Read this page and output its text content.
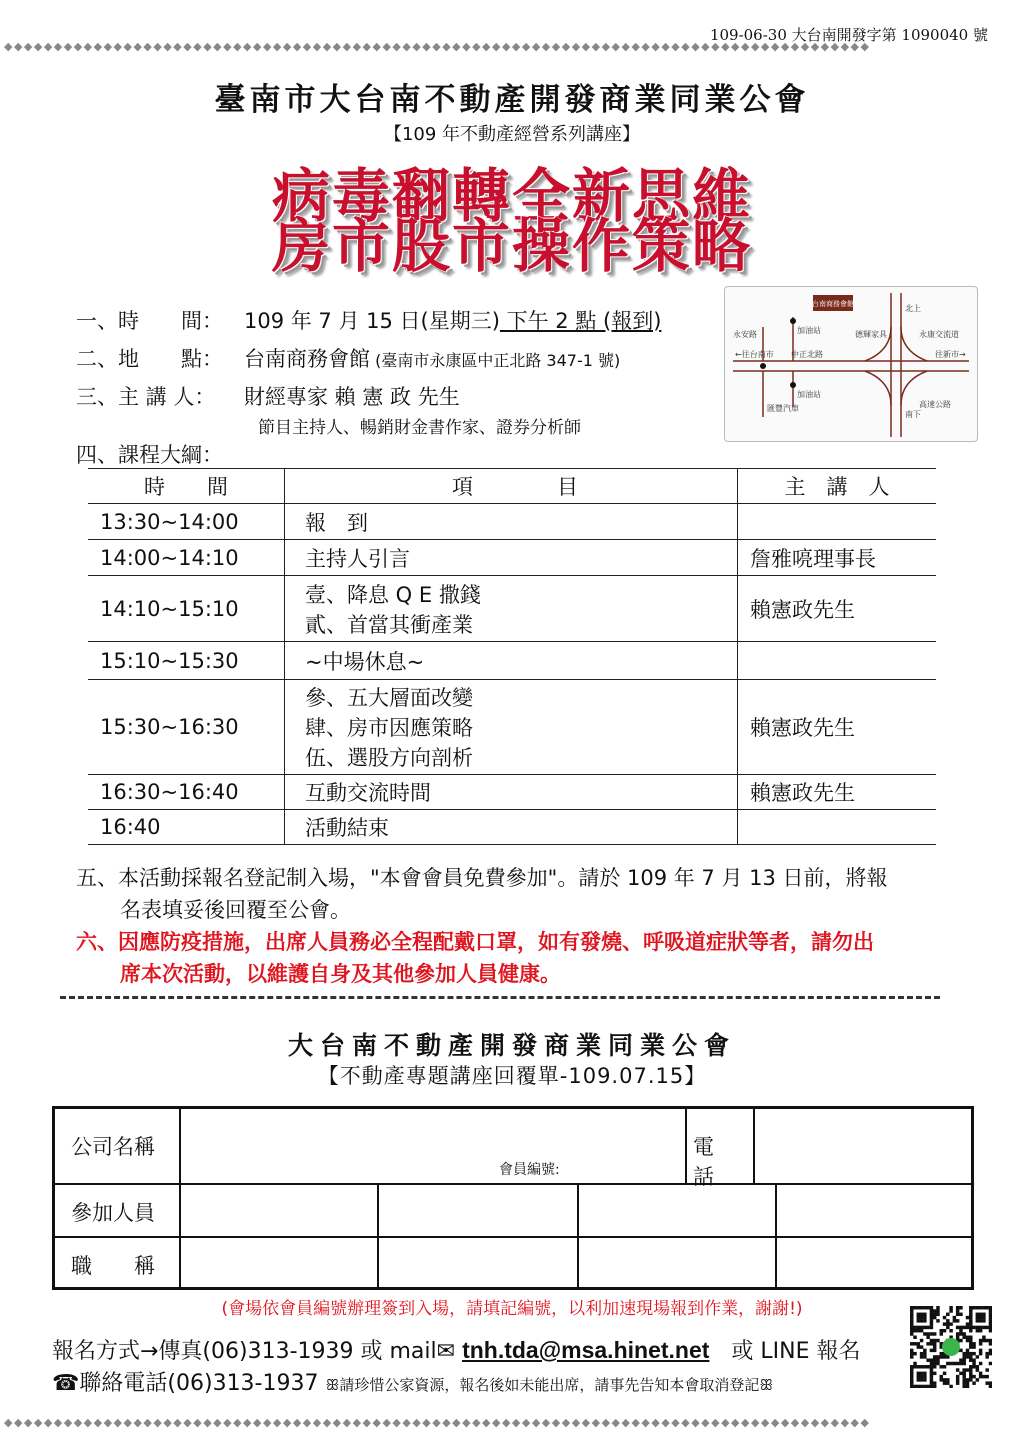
109-06-30 大台南開發字第 1090040 號
◆◆◆◆◆◆◆◆◆◆◆◆◆◆◆◆◆◆◆◆◆◆◆◆◆◆◆◆◆◆◆◆◆◆◆◆◆◆◆◆◆◆◆◆◆◆◆◆◆◆◆◆◆◆◆◆◆◆◆◆◆◆◆◆◆◆◆◆◆◆◆◆◆◆◆◆◆◆◆◆◆◆◆◆◆◆◆
臺南市大台南不動產開發商業同業公會
【109 年不動產經營系列講座】
病毒翻轉全新思維
房市股市操作策略
一、時　　間： 109 年 7 月 15 日(星期三) 下午 2 點 (報到)
二、地　　點： 台南商務會館 (臺南市永康區中正北路 347-1 號)
三、主 講 人： 財經專家 賴 憲 政 先生
節目主持人、暢銷財金書作家、證券分析師
四、課程大綱：
台南商務會館
←往台南市	往新市→
中正北路
北上
南下
永康交流道
高速公路
永安路	加油站
加油站
匯豐汽車
德輝家具
時　　間	項　　　　目	主　講　人
13:30~14:00	報　到	
14:00~14:10	主持人引言	詹雅喨理事長
14:10~15:10	壹、降息 Q E 撒錢
貳、首當其衝產業	賴憲政先生
15:10~15:30	~中場休息~	
15:30~16:30	參、五大層面改變
肆、房市因應策略
伍、選股方向剖析	賴憲政先生
16:30~16:40	互動交流時間	賴憲政先生
16:40	活動結束	
五、本活動採報名登記制入場，"本會會員免費參加"。請於 109 年 7 月 13 日前，將報
名表填妥後回覆至公會。
六、因應防疫措施，出席人員務必全程配戴口罩，如有發燒、呼吸道症狀等者，請勿出
席本次活動，以維護自身及其他參加人員健康。
大台南不動產開發商業同業公會
【不動產專題講座回覆單-109.07.15】
公司名稱
會員編號:
電　話
參加人員
職　　稱
(會場依會員編號辦理簽到入場，請填記編號，以利加速現場報到作業，謝謝!)
報名方式→傳真(06)313-1939 或 mail✉ tnh.tda@msa.hinet.net　或 LINE 報名
☎聯絡電話(06)313-1937 ꕥ請珍惜公家資源，報名後如未能出席，請事先告知本會取消登記ꕥ
◆◆◆◆◆◆◆◆◆◆◆◆◆◆◆◆◆◆◆◆◆◆◆◆◆◆◆◆◆◆◆◆◆◆◆◆◆◆◆◆◆◆◆◆◆◆◆◆◆◆◆◆◆◆◆◆◆◆◆◆◆◆◆◆◆◆◆◆◆◆◆◆◆◆◆◆◆◆◆◆◆◆◆◆◆◆◆
